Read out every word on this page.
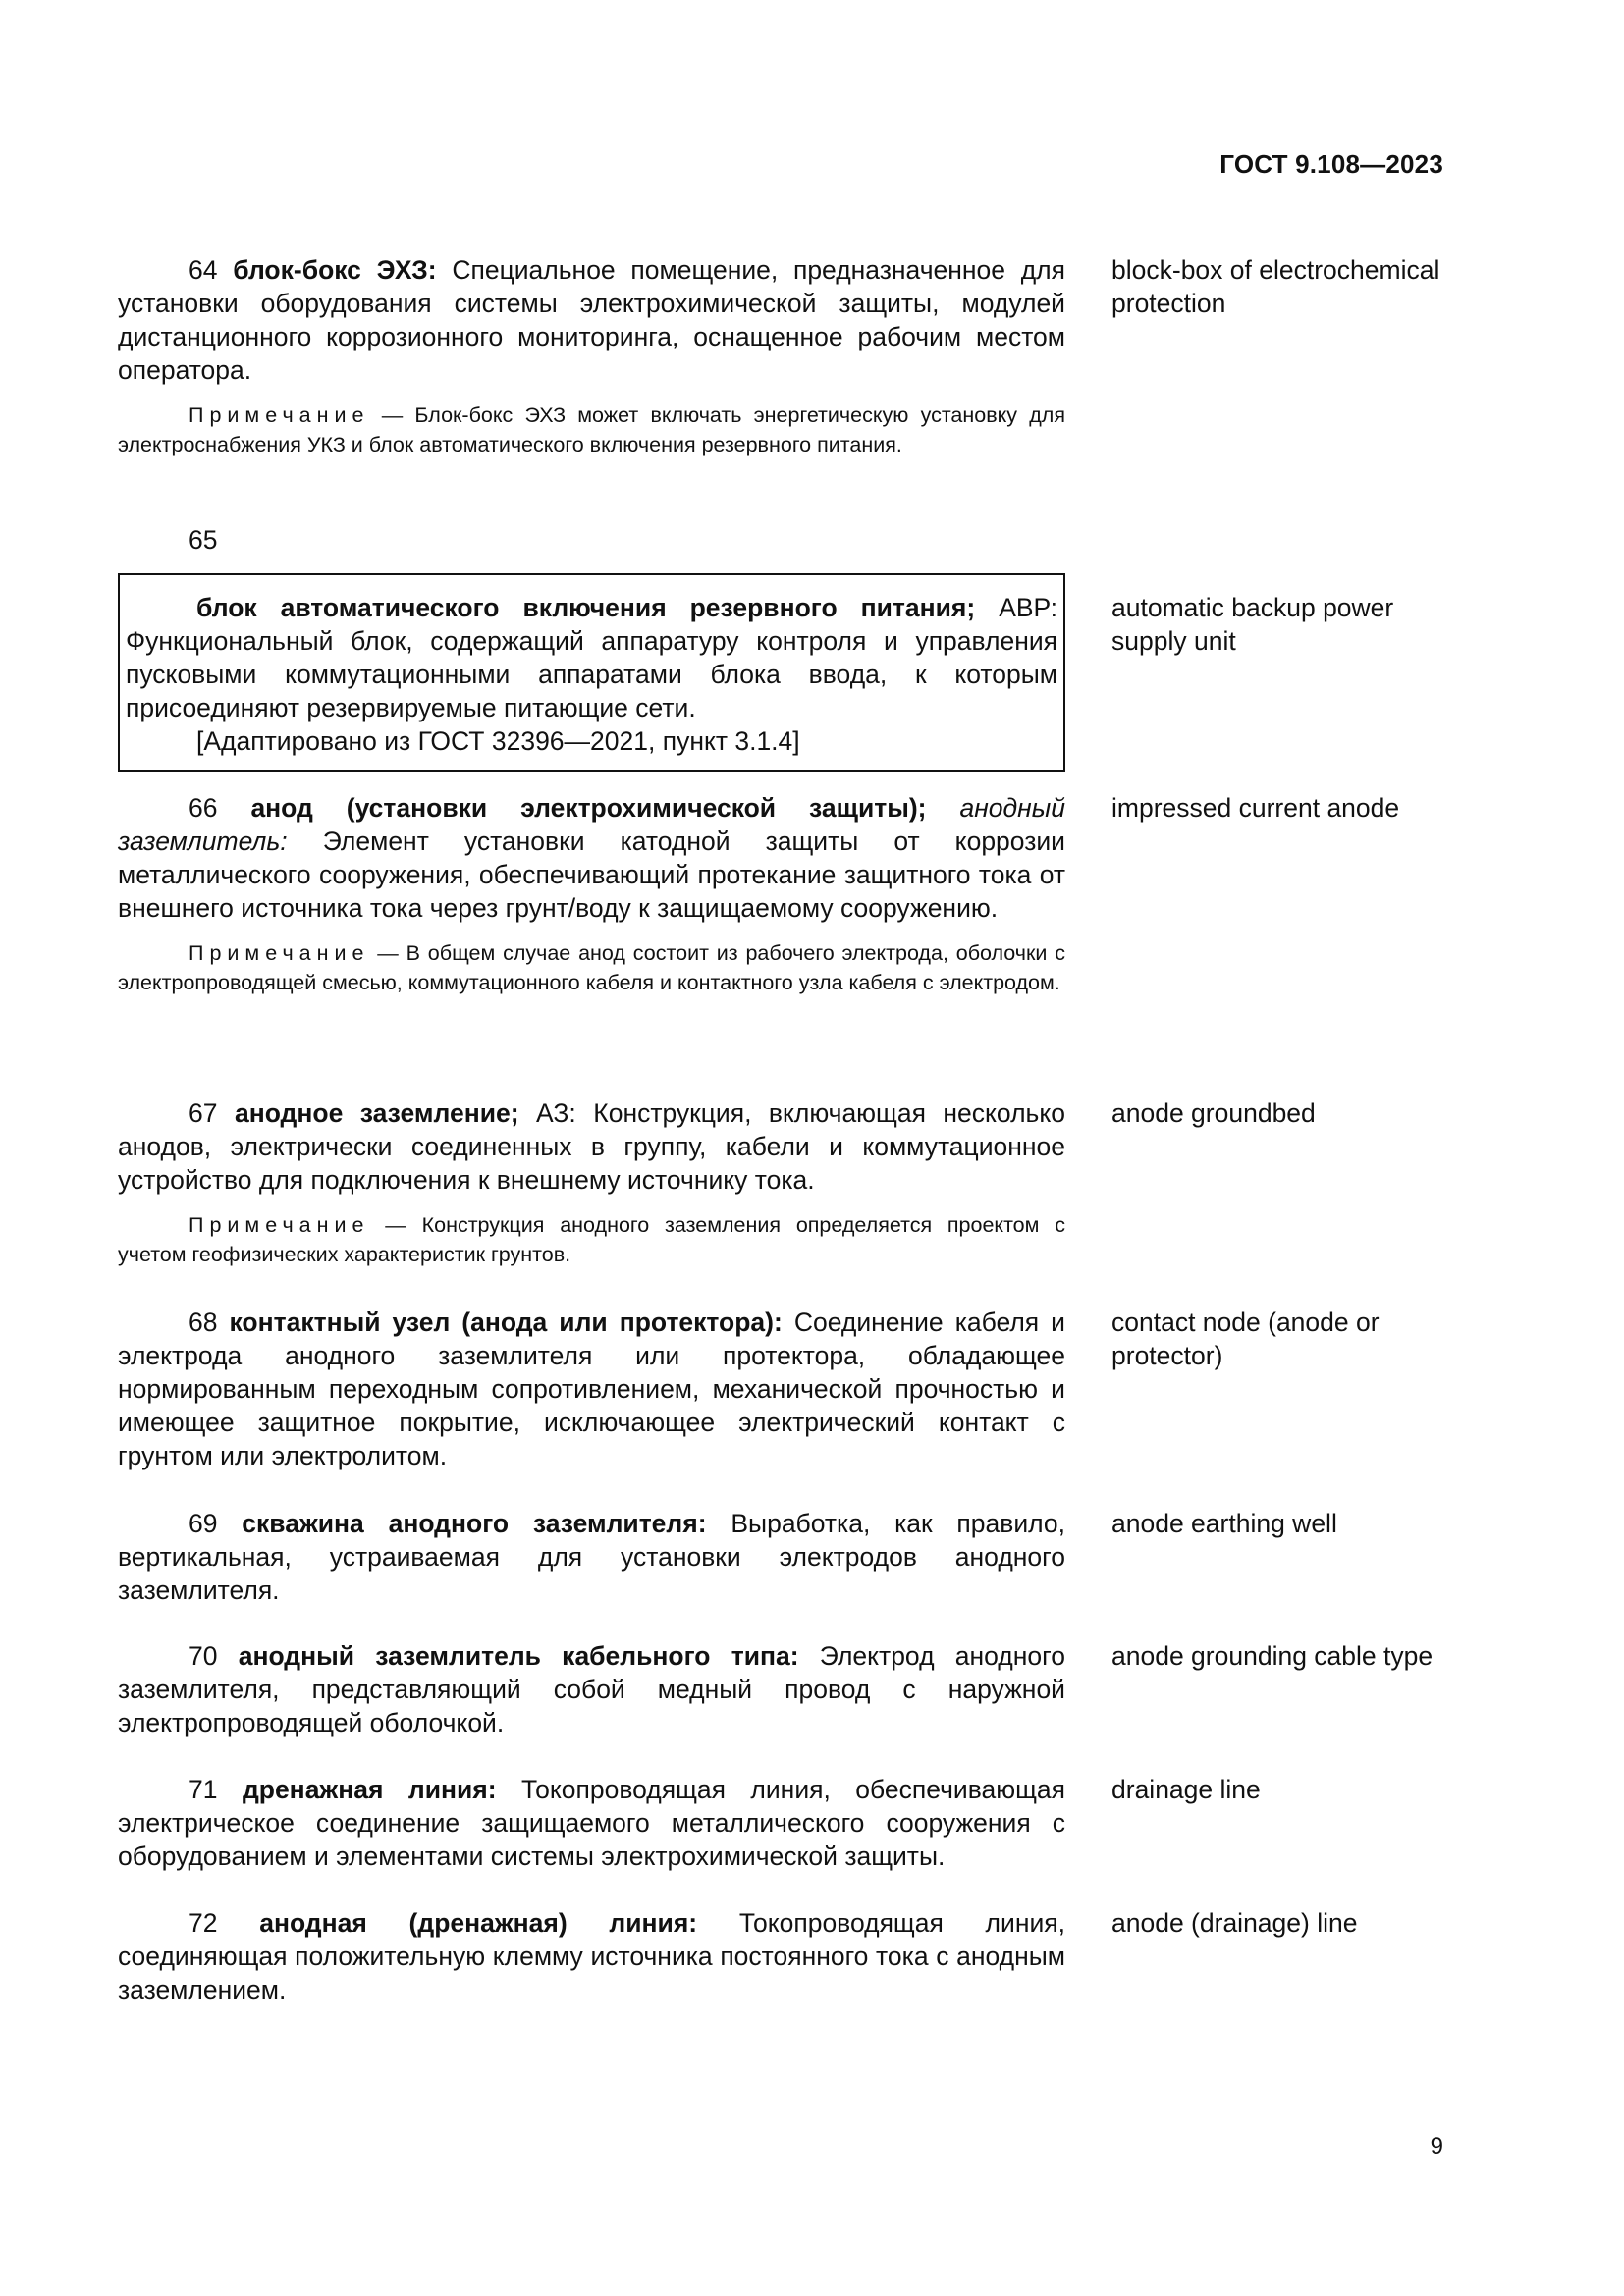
ГОСТ 9.108—2023

64 блок-бокс ЭХЗ: Специальное помещение, предназначенное для установки оборудования системы электрохимической защиты, модулей дистанционного коррозионного мониторинга, оснащенное рабочим местом оператора.

Примечание — Блок-бокс ЭХЗ может включать энергетическую установку для электроснабжения УКЗ и блок автоматического включения резервного питания.

block-box of electrochemical protection

65

блок автоматического включения резервного питания; АВР: Функциональный блок, содержащий аппаратуру контроля и управления пусковыми коммутационными аппаратами блока ввода, к которым присоединяют резервируемые питающие сети.

[Адаптировано из ГОСТ 32396—2021, пункт 3.1.4]

automatic backup power supply unit

66 анод (установки электрохимической защиты); анодный заземлитель: Элемент установки катодной защиты от коррозии металлического сооружения, обеспечивающий протекание защитного тока от внешнего источника тока через грунт/воду к защищаемому сооружению.

Примечание — В общем случае анод состоит из рабочего электрода, оболочки с электропроводящей смесью, коммутационного кабеля и контактного узла кабеля с электродом.

impressed current anode

67 анодное заземление; АЗ: Конструкция, включающая несколько анодов, электрически соединенных в группу, кабели и коммутационное устройство для подключения к внешнему источнику тока.

Примечание — Конструкция анодного заземления определяется проектом с учетом геофизических характеристик грунтов.

anode groundbed

68 контактный узел (анода или протектора): Соединение кабеля и электрода анодного заземлителя или протектора, обладающее нормированным переходным сопротивлением, механической прочностью и имеющее защитное покрытие, исключающее электрический контакт с грунтом или электролитом.

contact node (anode or protector)

69 скважина анодного заземлителя: Выработка, как правило, вертикальная, устраиваемая для установки электродов анодного заземлителя.

anode earthing well

70 анодный заземлитель кабельного типа: Электрод анодного заземлителя, представляющий собой медный провод с наружной электропроводящей оболочкой.

anode grounding cable type

71 дренажная линия: Токопроводящая линия, обеспечивающая электрическое соединение защищаемого металлического сооружения с оборудованием и элементами системы электрохимической защиты.

drainage line

72 анодная (дренажная) линия: Токопроводящая линия, соединяющая положительную клемму источника постоянного тока с анодным заземлением.

anode (drainage) line
9
